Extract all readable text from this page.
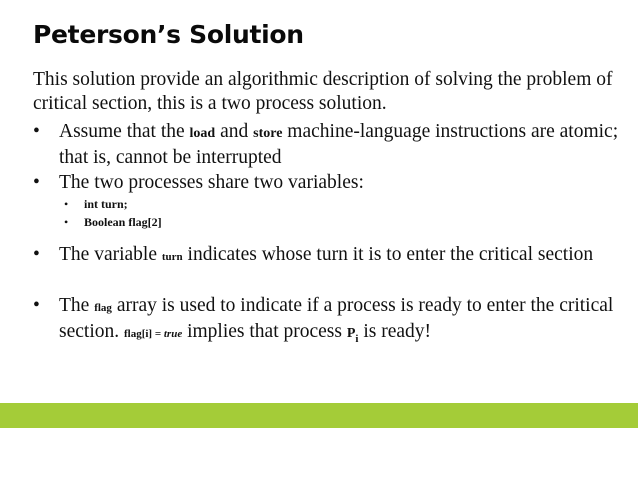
Peterson’s Solution
This solution provide an algorithmic description of solving the problem of critical section, this is a two process solution.
• Assume that the load and store machine-language instructions are atomic; that is, cannot be interrupted
• The two processes share two variables:
• int turn;
• Boolean flag[2]
• The variable turn indicates whose turn it is to enter the critical section
• The flag array is used to indicate if a process is ready to enter the critical section. flag[i] = true implies that process $P_i$ is ready!
